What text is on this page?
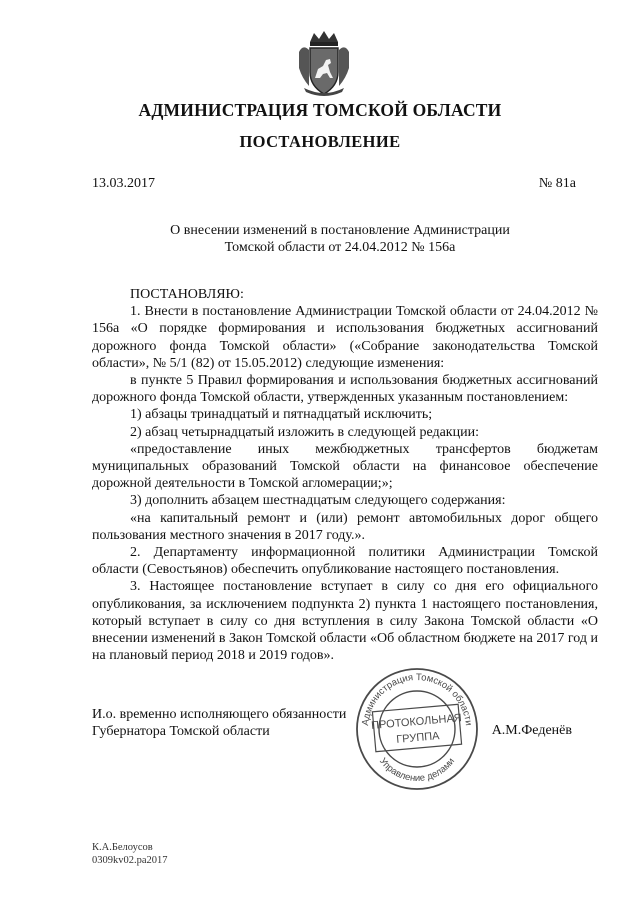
АДМИНИСТРАЦИЯ ТОМСКОЙ ОБЛАСТИ
ПОСТАНОВЛЕНИЕ
13.03.2017	№ 81а
О внесении изменений в постановление Администрации
Томской области от 24.04.2012 № 156а

ПОСТАНОВЛЯЮ:

1. Внести в постановление Администрации Томской области от 24.04.2012 № 156а «О порядке формирования и использования бюджетных ассигнований дорожного фонда Томской области» («Собрание законодательства Томской области», № 5/1 (82) от 15.05.2012) следующие изменения:

в пункте 5 Правил формирования и использования бюджетных ассигнований дорожного фонда Томской области, утвержденных указанным постановлением:

1) абзацы тринадцатый и пятнадцатый исключить;

2) абзац четырнадцатый изложить в следующей редакции:

«предоставление иных межбюджетных трансфертов бюджетам муниципальных образований Томской области на финансовое обеспечение дорожной деятельности в Томской агломерации;»;

3) дополнить абзацем шестнадцатым следующего содержания:

«на капитальный ремонт и (или) ремонт автомобильных дорог общего пользования местного значения в 2017 году.».

2. Департаменту информационной политики Администрации Томской области (Севостьянов) обеспечить опубликование настоящего постановления.

3. Настоящее постановление вступает в силу со дня его официального опубликования, за исключением подпункта 2) пункта 1 настоящего постановления, который вступает в силу со дня вступления в силу Закона Томской области «О внесении изменений в Закон Томской области «Об областном бюджете на 2017 год и на плановый период 2018 и 2019 годов».

И.о. временно исполняющего обязанности
Губернатора Томской области	А.М.Феденёв
Администрация Томской области
Управление делами
ПРОТОКОЛЬНАЯ
ГРУППА
К.А.Белоусов
0309kv02.ра2017
